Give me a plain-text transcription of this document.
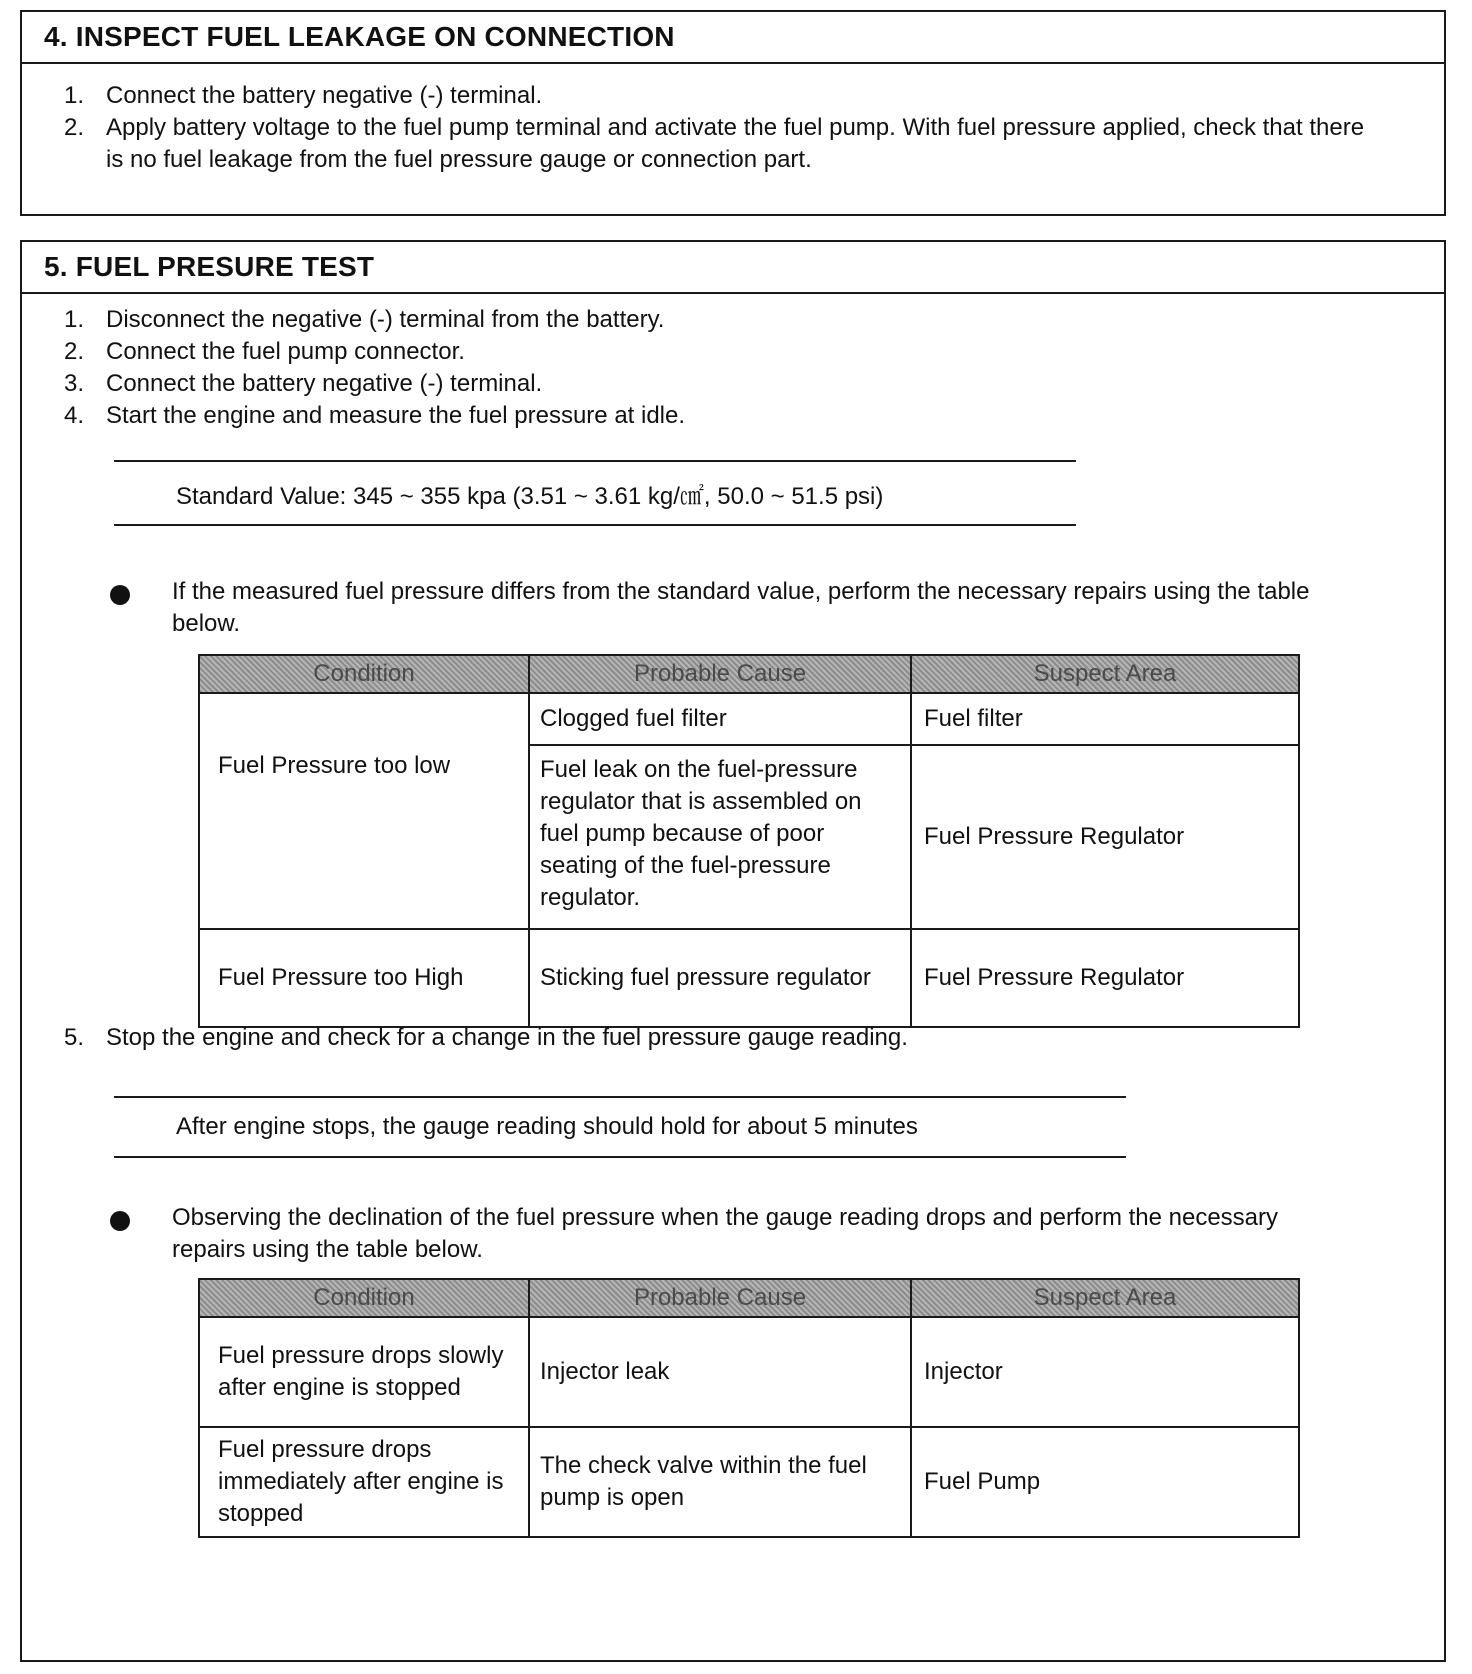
4. INSPECT FUEL LEAKAGE ON CONNECTION
1. Connect the battery negative (-) terminal.
2. Apply battery voltage to the fuel pump terminal and activate the fuel pump. With fuel pressure applied, check that there is no fuel leakage from the fuel pressure gauge or connection part.
5. FUEL PRESURE TEST
1. Disconnect the negative (-) terminal from the battery.
2. Connect the fuel pump connector.
3. Connect the battery negative (-) terminal.
4. Start the engine and measure the fuel pressure at idle.
Standard Value: 345 ~ 355 kpa (3.51 ~ 3.61 kg/㎠, 50.0 ~ 51.5 psi)
If the measured fuel pressure differs from the standard value, perform the necessary repairs using the table below.
Condition	Probable Cause	Suspect Area
Fuel Pressure too low	Clogged fuel filter	Fuel filter
	Fuel leak on the fuel-pressure regulator that is assembled on fuel pump because of poor seating of the fuel-pressure regulator.	Fuel Pressure Regulator
Fuel Pressure too High	Sticking fuel pressure regulator	Fuel Pressure Regulator
5. Stop the engine and check for a change in the fuel pressure gauge reading.
After engine stops, the gauge reading should hold for about 5 minutes
Observing the declination of the fuel pressure when the gauge reading drops and perform the necessary repairs using the table below.
Condition	Probable Cause	Suspect Area
Fuel pressure drops slowly after engine is stopped	Injector leak	Injector
Fuel pressure drops immediately after engine is stopped	The check valve within the fuel pump is open	Fuel Pump
